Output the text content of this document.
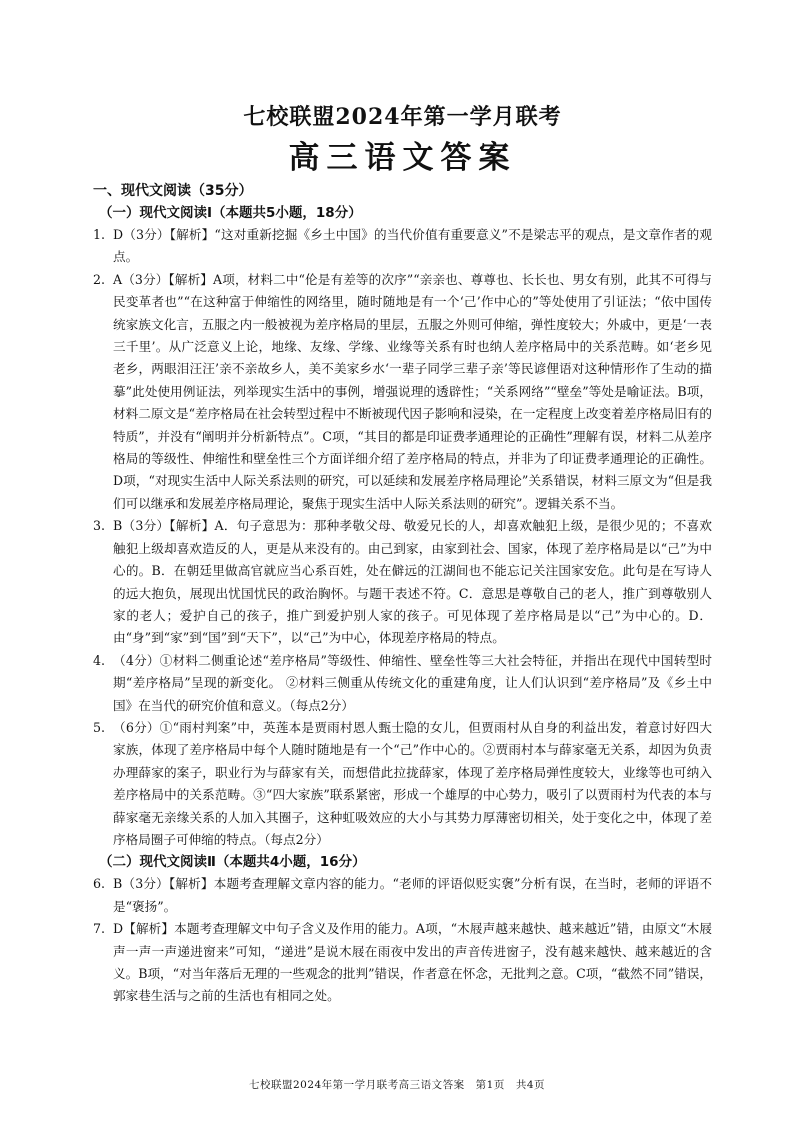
七校联盟2024年第一学月联考
高三语文答案
一、现代文阅读（35分）
（一）现代文阅读Ⅰ（本题共5小题，18分）
1. D（3分）【解析】“这对重新挖掘《乡土中国》的当代价值有重要意义”不是梁志平的观点，是文章作者的观点。
2. A（3分）【解析】A项，材料二中“伦是有差等的次序”“亲亲也、尊尊也、长长也、男女有别，此其不可得与民变革者也”“在这种富于伸缩性的网络里，随时随地是有一个‘己’作中心的”等处使用了引证法；“依中国传统家族文化言，五服之内一般被视为差序格局的里层，五服之外则可伸缩，弹性度较大；外戚中，更是‘一表三千里’。从广泛意义上论，地缘、友缘、学缘、业缘等关系有时也纳人差序格局中的关系范畴。如‘老乡见老乡，两眼泪汪汪’亲不亲故乡人，美不美家乡水‘一辈子同学三辈子亲’等民谚俚语对这种情形作了生动的描摹”此处使用例证法，列举现实生活中的事例，增强说理的透辟性；“关系网络”“壁垒”等处是喻证法。B项，材料二原文是“差序格局在社会转型过程中不断被现代因子影响和浸染，在一定程度上改变着差序格局旧有的特质”，并没有“阐明并分析新特点”。C项，“其目的都是印证费孝通理论的正确性”理解有误，材料二从差序格局的等级性、伸缩性和壁垒性三个方面详细介绍了差序格局的特点，并非为了印证费孝通理论的正确性。D项，“对现实生活中人际关系法则的研究，可以延续和发展差序格局理论”关系错误，材料三原文为“但是我们可以继承和发展差序格局理论，聚焦于现实生活中人际关系法则的研究”。逻辑关系不当。
3. B（3分）【解析】A．句子意思为：那种孝敬父母、敬爱兄长的人，却喜欢触犯上级，是很少见的；不喜欢触犯上级却喜欢造反的人，更是从来没有的。由己到家，由家到社会、国家，体现了差序格局是以“己”为中心的。B．在朝廷里做高官就应当心系百姓，处在僻远的江湖间也不能忘记关注国家安危。此句是在写诗人的远大抱负，展现出忧国忧民的政治胸怀。与题干表述不符。C．意思是尊敬自己的老人，推广到尊敬别人家的老人；爱护自己的孩子，推广到爱护别人家的孩子。可见体现了差序格局是以“己”为中心的。D．由“身”到“家”到“国”到“天下”，以“己”为中心，体现差序格局的特点。
4. （4分）①材料二侧重论述“差序格局”等级性、伸缩性、壁垒性等三大社会特征，并指出在现代中国转型时期“差序格局”呈现的新变化。 ②材料三侧重从传统文化的重建角度，让人们认识到“差序格局”及《乡土中国》在当代的研究价值和意义。（每点2分）
5. （6分）①“雨村判案”中，英莲本是贾雨村恩人甄士隐的女儿，但贾雨村从自身的利益出发，着意讨好四大家族，体现了差序格局中每个人随时随地是有一个“己”作中心的。②贾雨村本与薛家毫无关系，却因为负责办理薛家的案子，职业行为与薛家有关，而想借此拉拢薛家，体现了差序格局弹性度较大，业缘等也可纳入差序格局中的关系范畴。③“四大家族”联系紧密，形成一个雄厚的中心势力，吸引了以贾雨村为代表的本与薛家毫无亲缘关系的人加入其圈子，这种虹吸效应的大小与其势力厚薄密切相关，处于变化之中，体现了差序格局圈子可伸缩的特点。（每点2分）
（二）现代文阅读Ⅱ（本题共4小题，16分）
6. B（3分）【解析】本题考查理解文章内容的能力。“老师的评语似贬实褒”分析有误，在当时，老师的评语不是“褒扬”。
7. D【解析】本题考查理解文中句子含义及作用的能力。A项，“木屐声越来越快、越来越近”错，由原文“木屐声一声一声递进窗来”可知，“递进”是说木屐在雨夜中发出的声音传进窗子，没有越来越快、越来越近的含义。B项，“对当年落后无理的一些观念的批判”错误，作者意在怀念，无批判之意。C项，“截然不同”错误，郭家巷生活与之前的生活也有相同之处。
七校联盟2024年第一学月联考高三语文答案　第1页　共4页
